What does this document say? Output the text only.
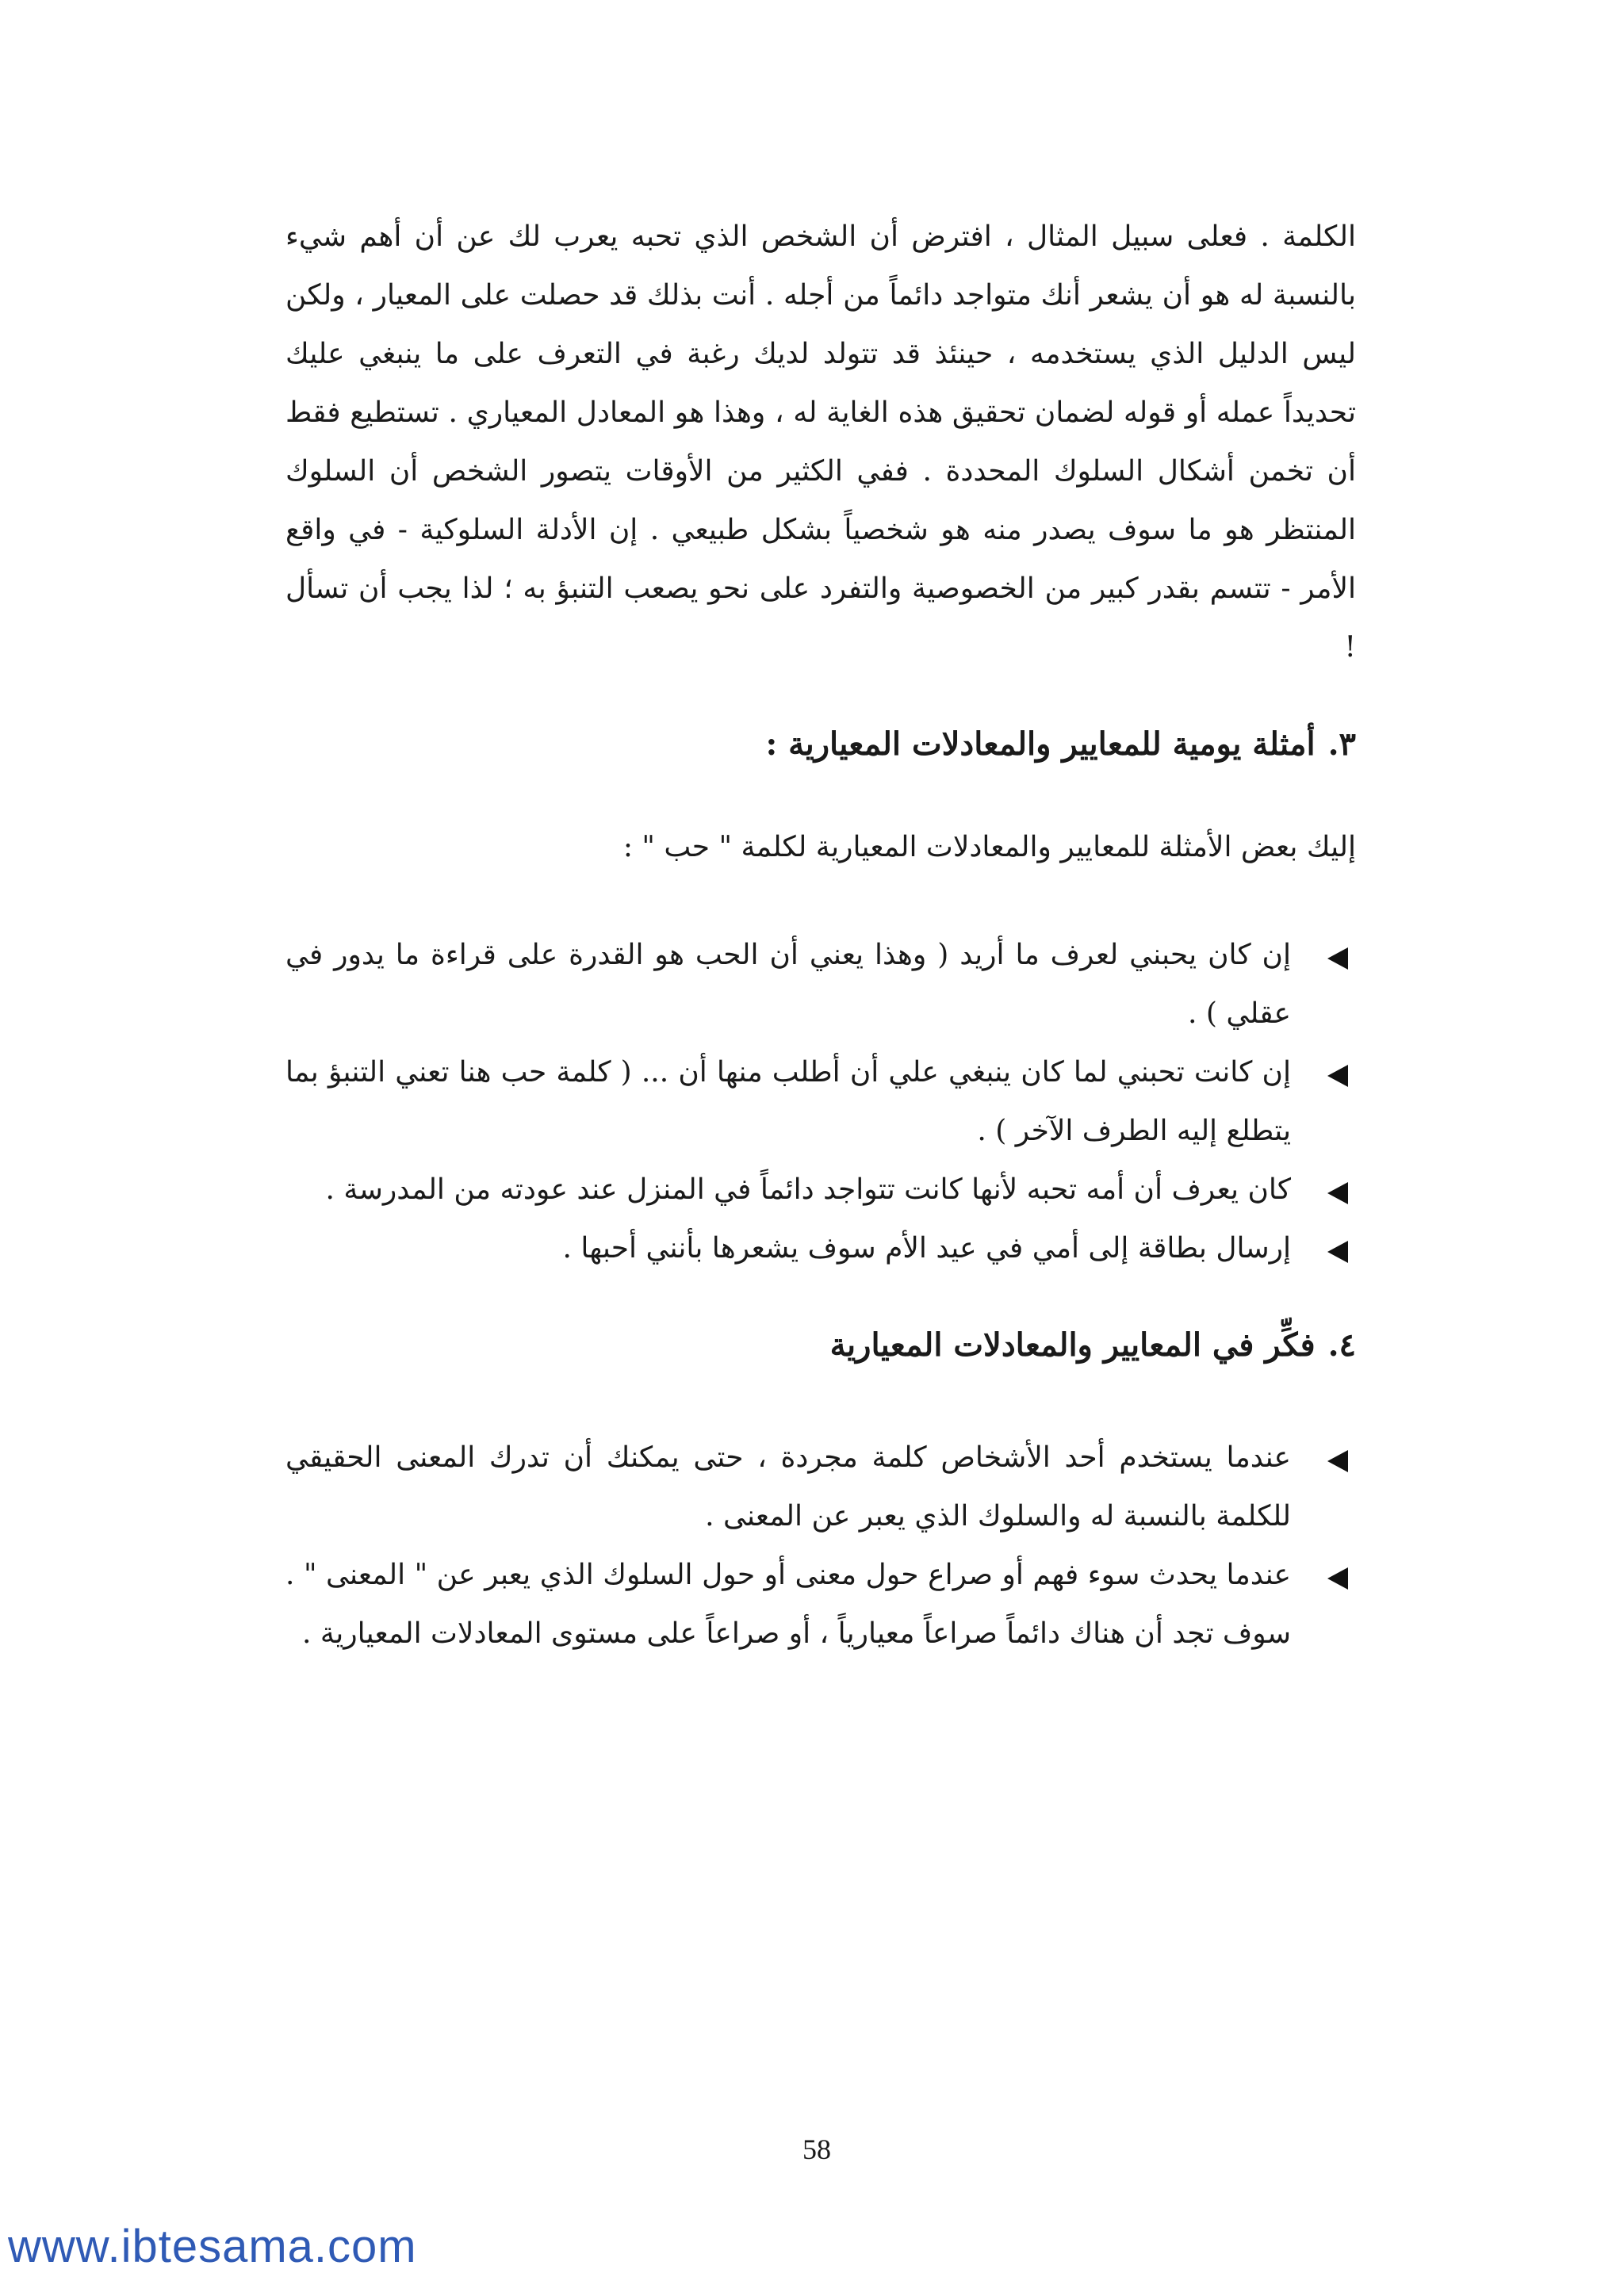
الكلمة . فعلى سبيل المثال ، افترض أن الشخص الذي تحبه يعرب لك عن أن أهم شيء بالنسبة له هو أن يشعر أنك متواجد دائماً من أجله . أنت بذلك قد حصلت على المعيار ، ولكن ليس الدليل الذي يستخدمه ، حينئذ قد تتولد لديك رغبة في التعرف على ما ينبغي عليك تحديداً عمله أو قوله لضمان تحقيق هذه الغاية له ، وهذا هو المعادل المعياري . تستطيع فقط أن تخمن أشكال السلوك المحددة . ففي الكثير من الأوقات يتصور الشخص أن السلوك المنتظر هو ما سوف يصدر منه هو شخصياً بشكل طبيعي . إن الأدلة السلوكية - في واقع الأمر - تتسم بقدر كبير من الخصوصية والتفرد على نحو يصعب التنبؤ به ؛ لذا يجب أن تسأل !

٣.
أمثلة يومية للمعايير والمعادلات المعيارية :

إليك بعض الأمثلة للمعايير والمعادلات المعيارية لكلمة " حب " :

إن كان يحبني لعرف ما أريد ( وهذا يعني أن الحب هو القدرة على قراءة ما يدور في عقلي ) .
إن كانت تحبني لما كان ينبغي علي أن أطلب منها أن ... ( كلمة حب هنا تعني التنبؤ بما يتطلع إليه الطرف الآخر ) .
كان يعرف أن أمه تحبه لأنها كانت تتواجد دائماً في المنزل عند عودته من المدرسة .
إرسال بطاقة إلى أمي في عيد الأم سوف يشعرها بأنني أحبها .
٤.
فكِّر في المعايير والمعادلات المعيارية
عندما يستخدم أحد الأشخاص كلمة مجردة ، حتى يمكنك أن تدرك المعنى الحقيقي للكلمة بالنسبة له والسلوك الذي يعبر عن المعنى .
عندما يحدث سوء فهم أو صراع حول معنى أو حول السلوك الذي يعبر عن " المعنى " . سوف تجد أن هناك دائماً صراعاً معيارياً ، أو صراعاً على مستوى المعادلات المعيارية .
58
www.ibtesama.com
